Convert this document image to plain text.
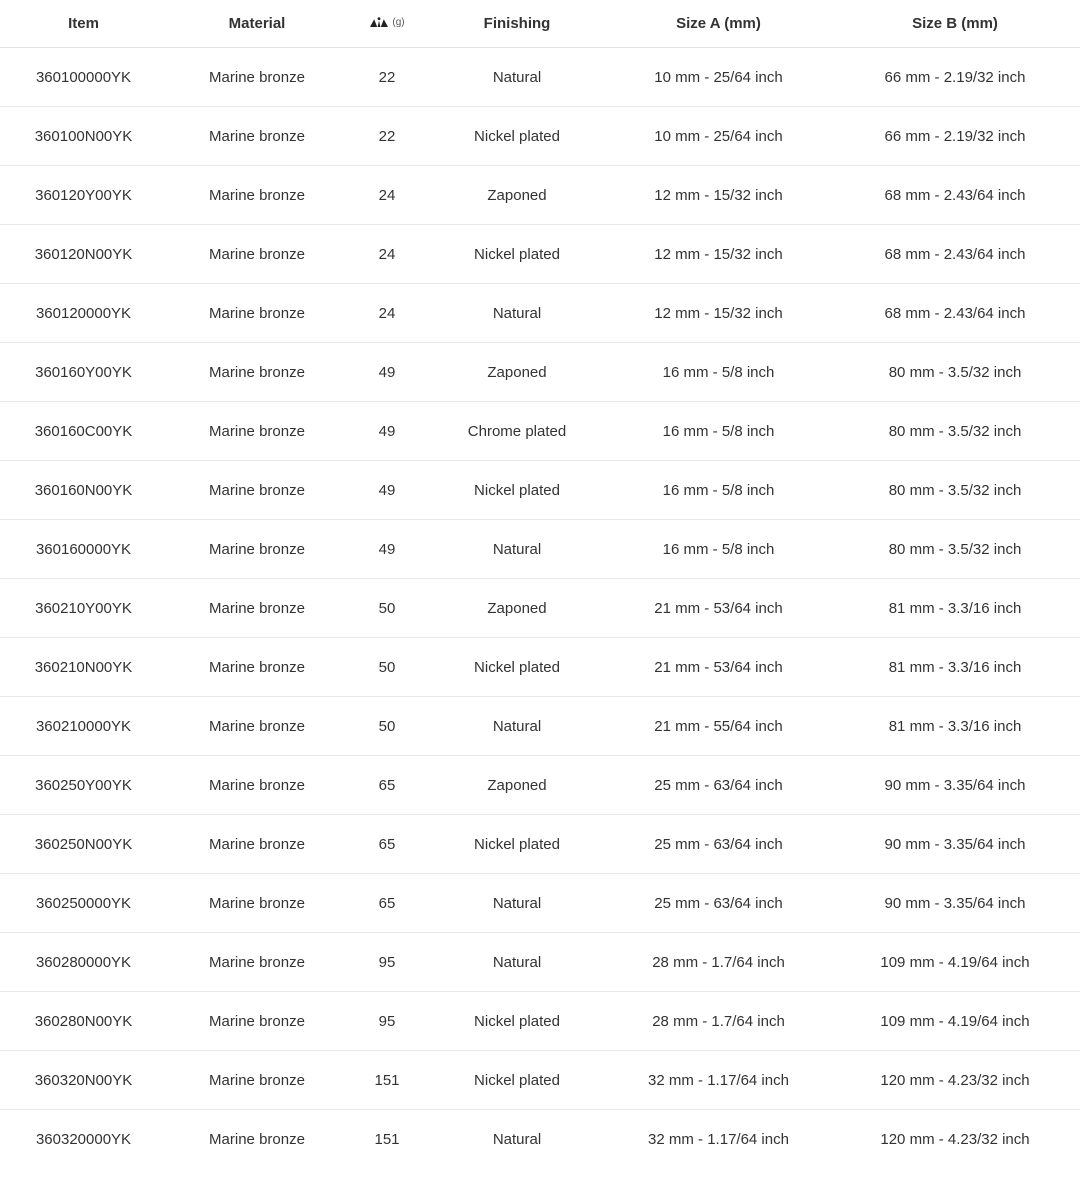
Item	Material	(g)	Finishing	Size A (mm)	Size B (mm)
360100000YK	Marine bronze	22	Natural	10 mm - 25/64 inch	66 mm - 2.19/32 inch
360100N00YK	Marine bronze	22	Nickel plated	10 mm - 25/64 inch	66 mm - 2.19/32 inch
360120Y00YK	Marine bronze	24	Zaponed	12 mm - 15/32 inch	68 mm - 2.43/64 inch
360120N00YK	Marine bronze	24	Nickel plated	12 mm - 15/32 inch	68 mm - 2.43/64 inch
360120000YK	Marine bronze	24	Natural	12 mm - 15/32 inch	68 mm - 2.43/64 inch
360160Y00YK	Marine bronze	49	Zaponed	16 mm - 5/8 inch	80 mm - 3.5/32 inch
360160C00YK	Marine bronze	49	Chrome plated	16 mm - 5/8 inch	80 mm - 3.5/32 inch
360160N00YK	Marine bronze	49	Nickel plated	16 mm - 5/8 inch	80 mm - 3.5/32 inch
360160000YK	Marine bronze	49	Natural	16 mm - 5/8 inch	80 mm - 3.5/32 inch
360210Y00YK	Marine bronze	50	Zaponed	21 mm - 53/64 inch	81 mm - 3.3/16 inch
360210N00YK	Marine bronze	50	Nickel plated	21 mm - 53/64 inch	81 mm - 3.3/16 inch
360210000YK	Marine bronze	50	Natural	21 mm - 55/64 inch	81 mm - 3.3/16 inch
360250Y00YK	Marine bronze	65	Zaponed	25 mm - 63/64 inch	90 mm - 3.35/64 inch
360250N00YK	Marine bronze	65	Nickel plated	25 mm - 63/64 inch	90 mm - 3.35/64 inch
360250000YK	Marine bronze	65	Natural	25 mm - 63/64 inch	90 mm - 3.35/64 inch
360280000YK	Marine bronze	95	Natural	28 mm - 1.7/64 inch	109 mm - 4.19/64 inch
360280N00YK	Marine bronze	95	Nickel plated	28 mm - 1.7/64 inch	109 mm - 4.19/64 inch
360320N00YK	Marine bronze	151	Nickel plated	32 mm - 1.17/64 inch	120 mm - 4.23/32 inch
360320000YK	Marine bronze	151	Natural	32 mm - 1.17/64 inch	120 mm - 4.23/32 inch
